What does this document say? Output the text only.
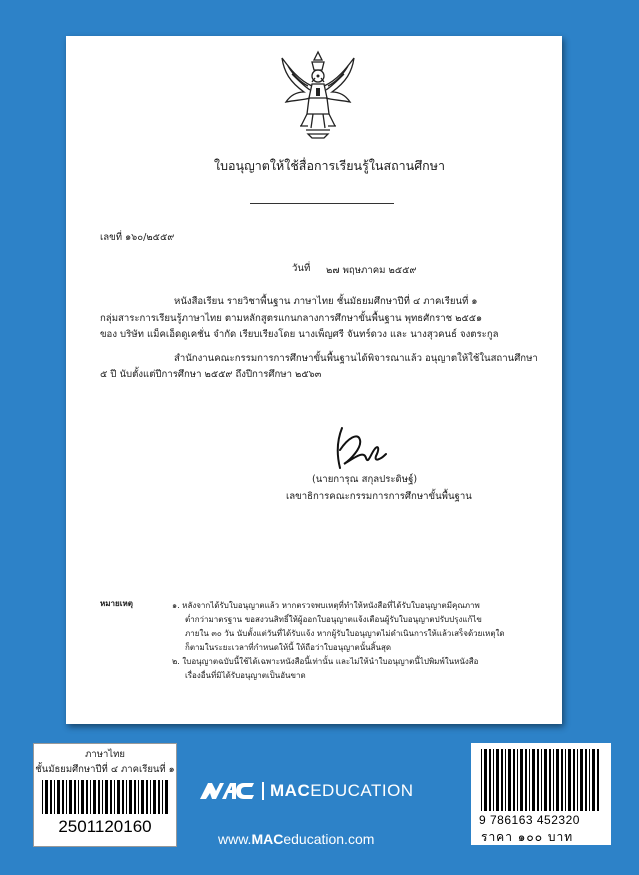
ใบอนุญาตให้ใช้สื่อการเรียนรู้ในสถานศึกษา
เลขที่ ๑๖๐/๒๕๕๙
วันที่ ๒๗ พฤษภาคม ๒๕๕๙
หนังสือเรียน รายวิชาพื้นฐาน ภาษาไทย ชั้นมัธยมศึกษาปีที่ ๔ ภาคเรียนที่ ๑
กลุ่มสาระการเรียนรู้ภาษาไทย ตามหลักสูตรแกนกลางการศึกษาขั้นพื้นฐาน พุทธศักราช ๒๕๕๑
ของ บริษัท แม็คเอ็ดดูเคชั่น จำกัด เรียบเรียงโดย นางเพ็ญศรี จันทร์ดวง และ นางสุวคนธ์ จงตระกูล
สำนักงานคณะกรรมการการศึกษาขั้นพื้นฐานได้พิจารณาแล้ว อนุญาตให้ใช้ในสถานศึกษา
๕ ปี นับตั้งแต่ปีการศึกษา ๒๕๕๙ ถึงปีการศึกษา ๒๕๖๓
(นายการุณ สกุลประดิษฐ์)
เลขาธิการคณะกรรมการการศึกษาขั้นพื้นฐาน
หมายเหตุ	๑. หลังจากได้รับใบอนุญาตแล้ว หากตรวจพบเหตุที่ทำให้หนังสือที่ได้รับใบอนุญาตมีคุณภาพ
ต่ำกว่ามาตรฐาน ขอสงวนสิทธิ์ให้ผู้ออกใบอนุญาตแจ้งเตือนผู้รับใบอนุญาตปรับปรุงแก้ไข
ภายใน ๓๐ วัน นับตั้งแต่วันที่ได้รับแจ้ง หากผู้รับใบอนุญาตไม่ดำเนินการให้แล้วเสร็จด้วยเหตุใด
ก็ตามในระยะเวลาที่กำหนดให้นี้ ให้ถือว่าใบอนุญาตนั้นสิ้นสุด
๒. ใบอนุญาตฉบับนี้ใช้ได้เฉพาะหนังสือนี้เท่านั้น และไม่ให้นำใบอนุญาตนี้ไปพิมพ์ในหนังสือ
เรื่องอื่นที่มิได้รับอนุญาตเป็นอันขาด
ภาษาไทย
ชั้นมัธยมศึกษาปีที่ ๔ ภาคเรียนที่ ๑
2501120160
MACEDUCATION
www.MACeducation.com
9 786163 452320
ราคา ๑๐๐ บาท
